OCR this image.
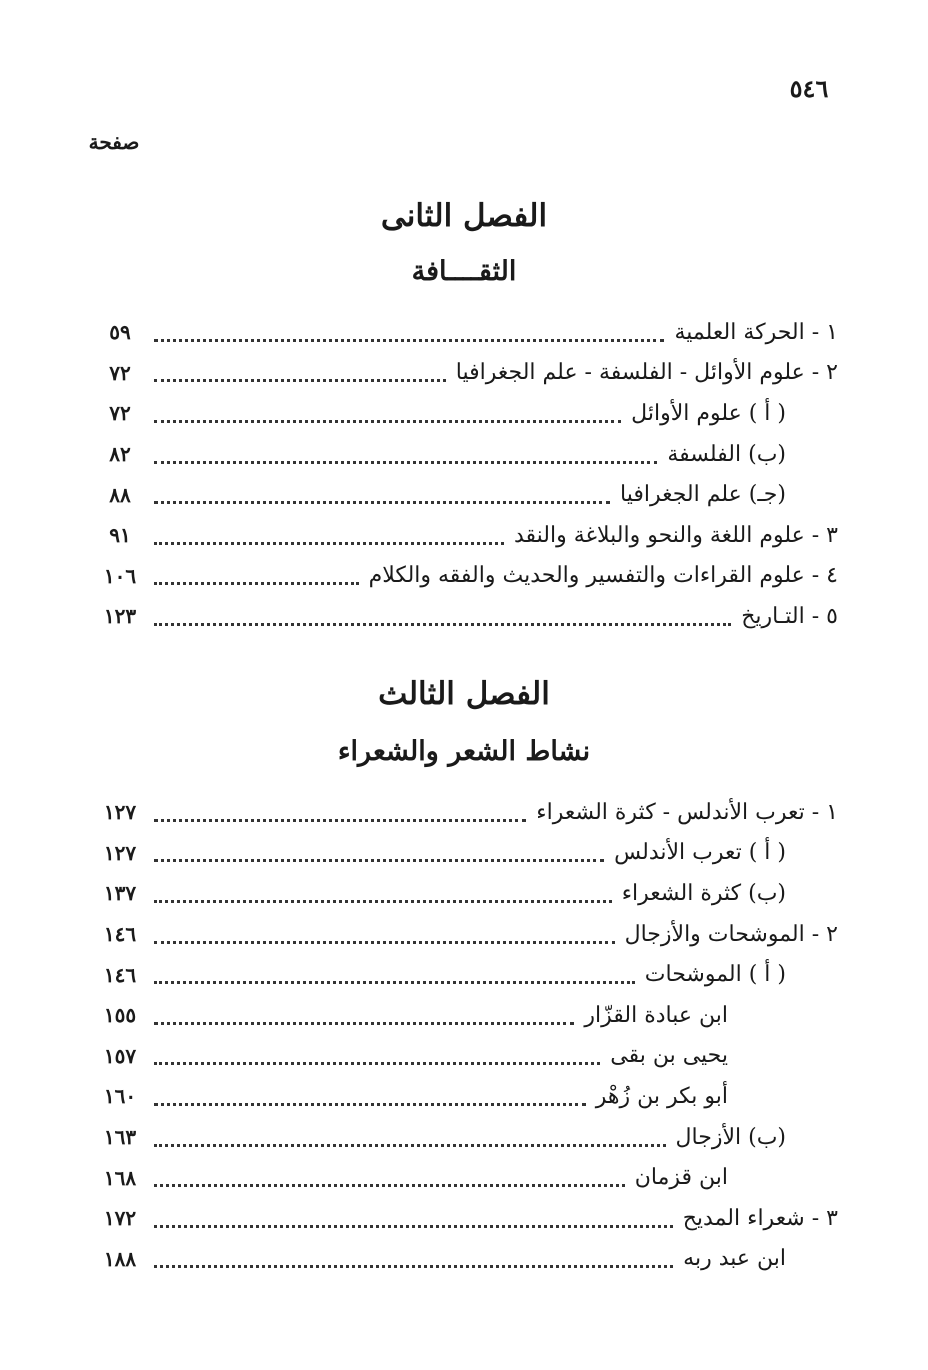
٥٤٦
صفحة
الفصل الثانى
الثقــــافة
١ - الحركة العلمية
٥٩
٢ - علوم الأوائل - الفلسفة - علم الجغرافيا
٧٢
( أ ) علوم الأوائل
٧٢
(ب) الفلسفة
٨٢
(جـ) علم الجغرافيا
٨٨
٣ - علوم اللغة والنحو والبلاغة والنقد
٩١
٤ - علوم القراءات والتفسير والحديث والفقه والكلام
١٠٦
٥ - التـاريخ
١٢٣
الفصل الثالث
نشاط الشعر والشعراء
١ - تعرب الأندلس - كثرة الشعراء
١٢٧
( أ ) تعرب الأندلس
١٢٧
(ب) كثرة الشعراء
١٣٧
٢ - الموشحات والأزجال
١٤٦
( أ ) الموشحات
١٤٦
ابن عبادة القزّار
١٥٥
يحيى بن بقى
١٥٧
أبو بكر بن زُهْر
١٦٠
(ب) الأزجال
١٦٣
ابن قزمان
١٦٨
٣ - شعراء المديح
١٧٢
ابن عبد ربه
١٨٨
